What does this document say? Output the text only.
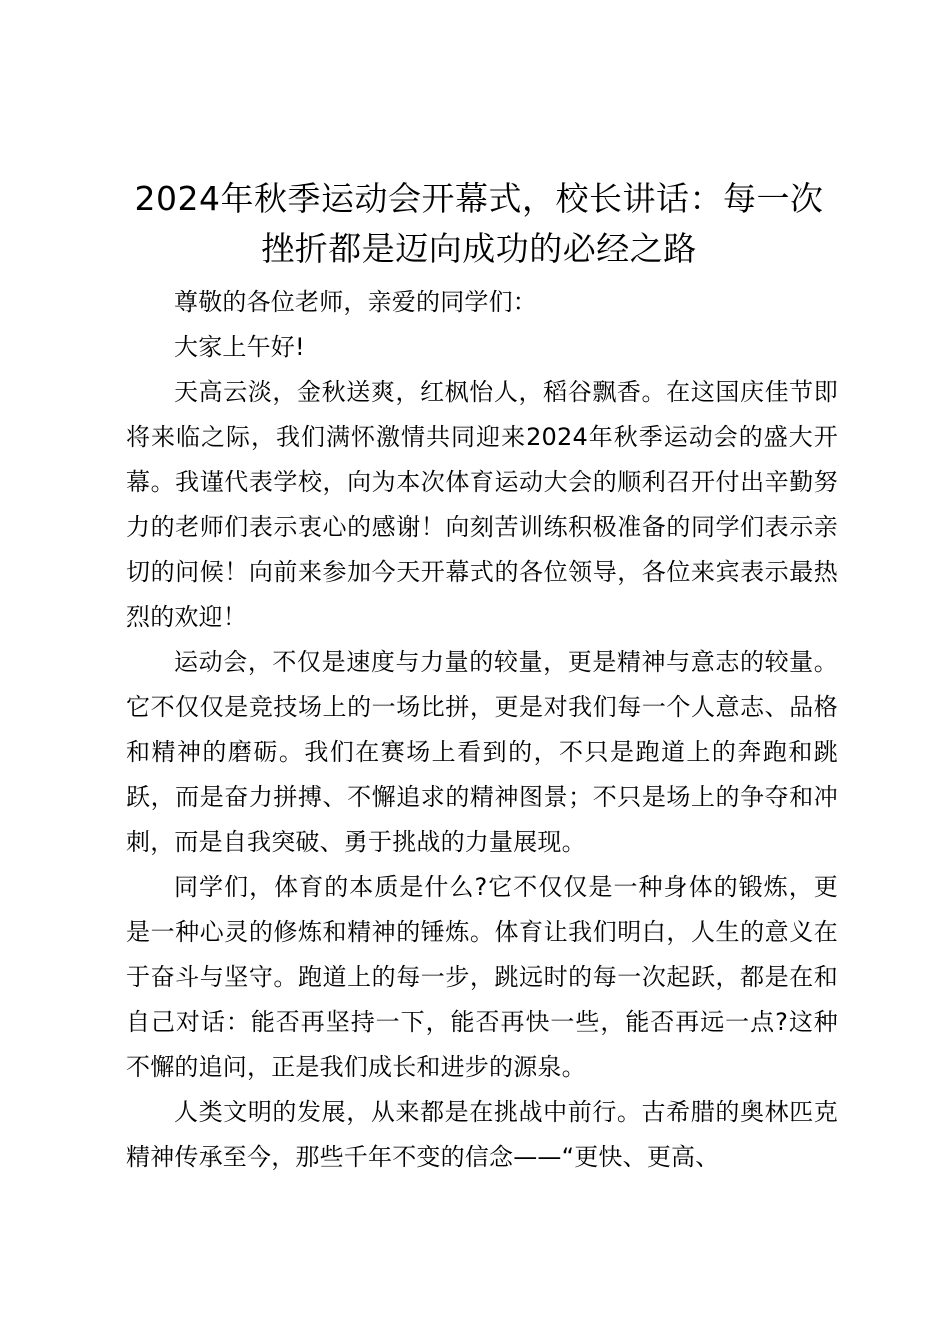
2024年秋季运动会开幕式，校长讲话：每一次挫折都是迈向成功的必经之路

尊敬的各位老师，亲爱的同学们：

大家上午好!

天高云淡，金秋送爽，红枫怡人，稻谷飘香。在这国庆佳节即将来临之际，我们满怀激情共同迎来2024年秋季运动会的盛大开幕。我谨代表学校，向为本次体育运动大会的顺利召开付出辛勤努力的老师们表示衷心的感谢！向刻苦训练积极准备的同学们表示亲切的问候！向前来参加今天开幕式的各位领导，各位来宾表示最热烈的欢迎！

运动会，不仅是速度与力量的较量，更是精神与意志的较量。它不仅仅是竞技场上的一场比拼，更是对我们每一个人意志、品格和精神的磨砺。我们在赛场上看到的，不只是跑道上的奔跑和跳跃，而是奋力拼搏、不懈追求的精神图景；不只是场上的争夺和冲刺，而是自我突破、勇于挑战的力量展现。

同学们，体育的本质是什么?它不仅仅是一种身体的锻炼，更是一种心灵的修炼和精神的锤炼。体育让我们明白，人生的意义在于奋斗与坚守。跑道上的每一步，跳远时的每一次起跃，都是在和自己对话：能否再坚持一下，能否再快一些，能否再远一点?这种不懈的追问，正是我们成长和进步的源泉。

人类文明的发展，从来都是在挑战中前行。古希腊的奥林匹克精神传承至今，那些千年不变的信念——“更快、更高、
